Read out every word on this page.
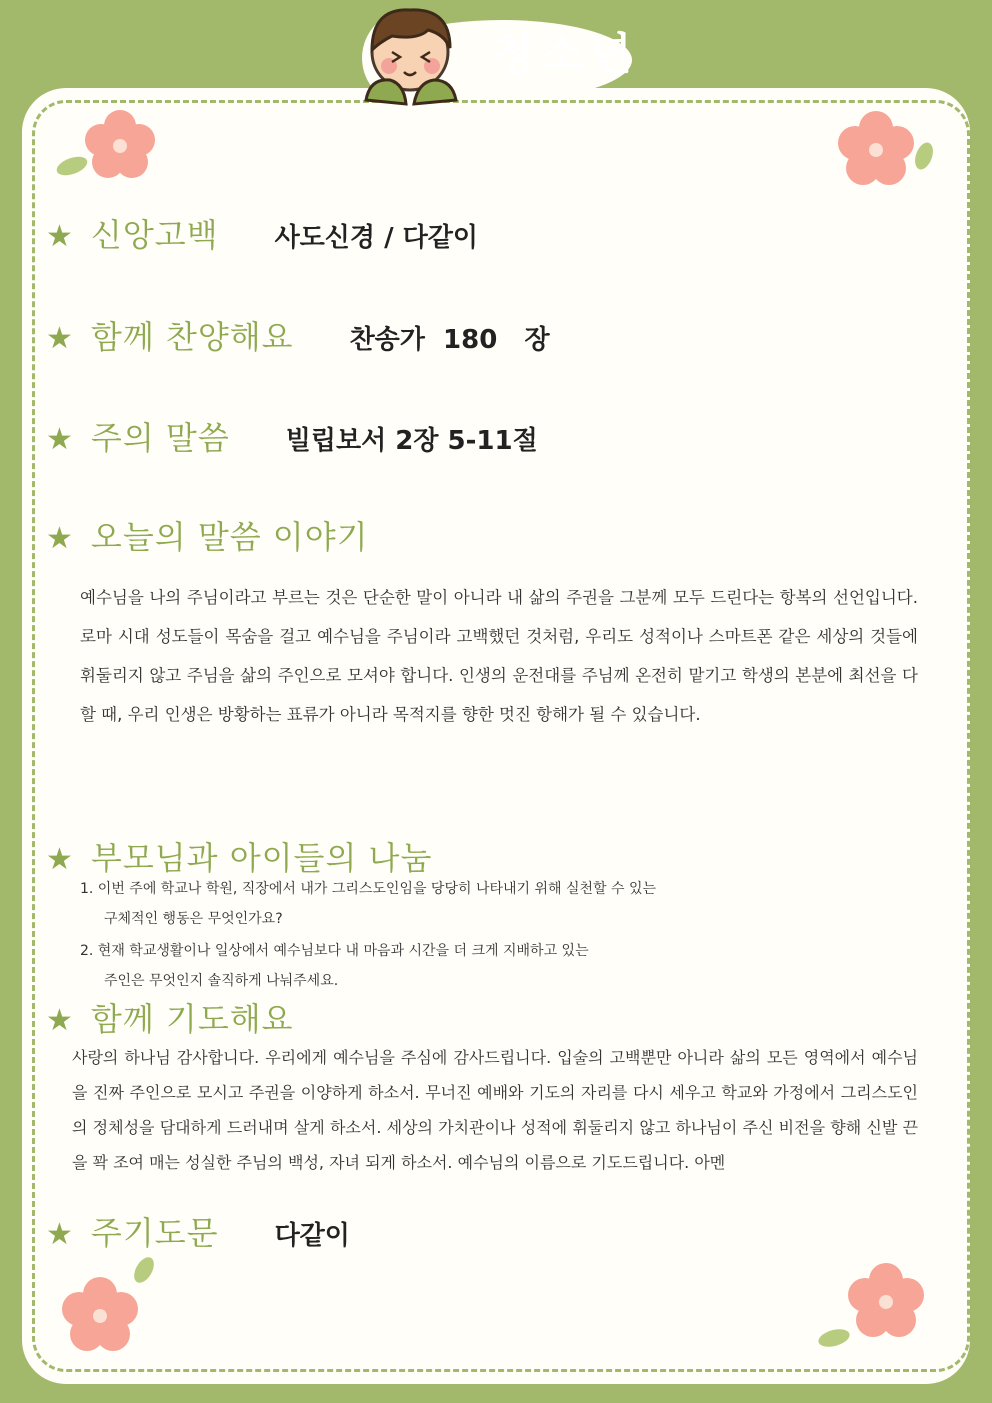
청소년
★ 신앙고백 사도신경 / 다같이
★ 함께 찬양해요 찬송가  180   장
★ 주의 말씀 빌립보서 2장 5-11절
★ 오늘의 말씀 이야기
예수님을 나의 주님이라고 부르는 것은 단순한 말이 아니라 내 삶의 주권을 그분께 모두 드린다는 항복의 선언입니다. 로마 시대 성도들이 목숨을 걸고 예수님을 주님이라 고백했던 것처럼, 우리도 성적이나 스마트폰 같은 세상의 것들에 휘둘리지 않고 주님을 삶의 주인으로 모셔야 합니다. 인생의 운전대를 주님께 온전히 맡기고 학생의 본분에 최선을 다할 때, 우리 인생은 방황하는 표류가 아니라 목적지를 향한 멋진 항해가 될 수 있습니다.
★ 부모님과 아이들의 나눔
1. 이번 주에 학교나 학원, 직장에서 내가 그리스도인임을 당당히 나타내기 위해 실천할 수 있는
구체적인 행동은 무엇인가요?
2. 현재 학교생활이나 일상에서 예수님보다 내 마음과 시간을 더 크게 지배하고 있는
주인은 무엇인지 솔직하게 나눠주세요.
★ 함께 기도해요
사랑의 하나님 감사합니다. 우리에게 예수님을 주심에 감사드립니다. 입술의 고백뿐만 아니라 삶의 모든 영역에서 예수님을 진짜 주인으로 모시고 주권을 이양하게 하소서. 무너진 예배와 기도의 자리를 다시 세우고 학교와 가정에서 그리스도인의 정체성을 담대하게 드러내며 살게 하소서. 세상의 가치관이나 성적에 휘둘리지 않고 하나님이 주신 비전을 향해 신발 끈을 꽉 조여 매는 성실한 주님의 백성, 자녀 되게 하소서. 예수님의 이름으로 기도드립니다. 아멘
★ 주기도문 다같이
